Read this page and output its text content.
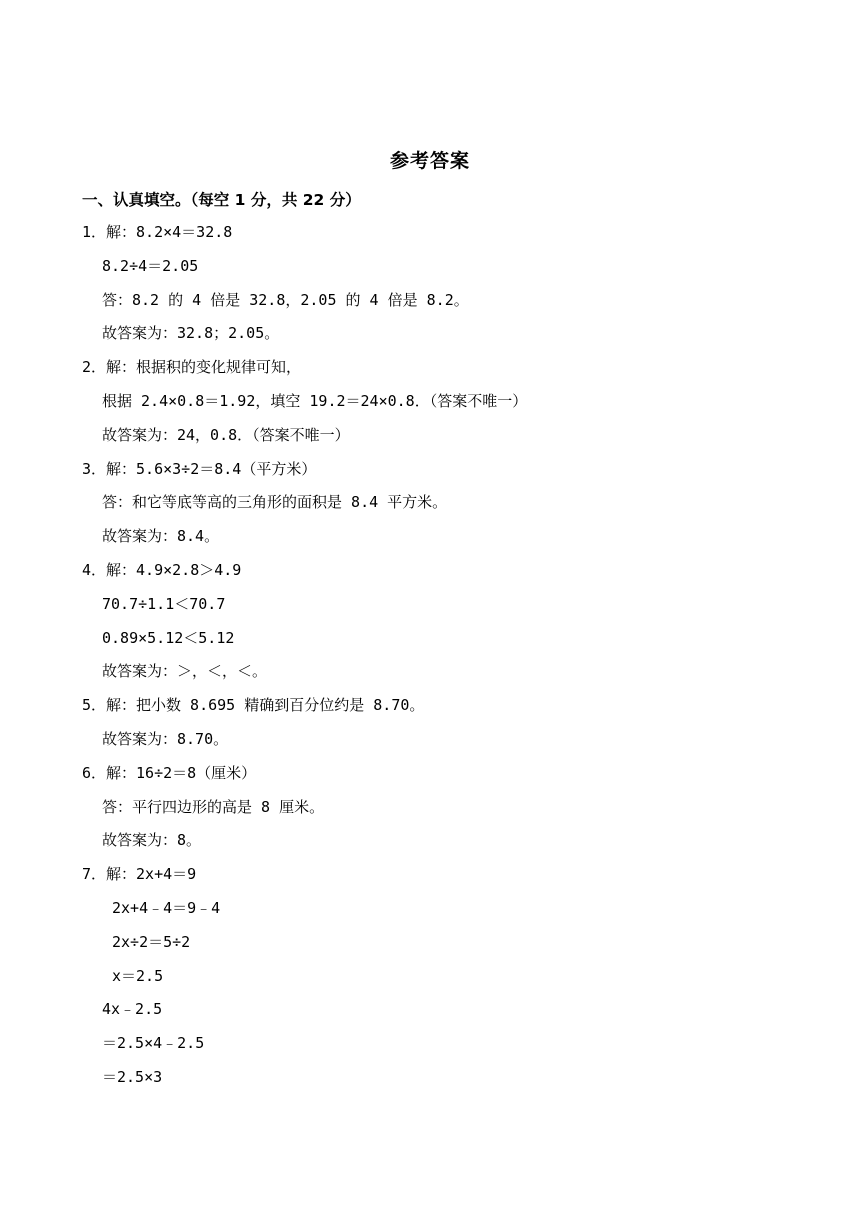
参考答案
一、认真填空。（每空 1 分，共 22 分）
1．解：8.2×4＝32.8
8.2÷4＝2.05
答：8.2 的 4 倍是 32.8，2.05 的 4 倍是 8.2。
故答案为：32.8；2.05。
2．解：根据积的变化规律可知，
根据 2.4×0.8＝1.92，填空 19.2＝24×0.8．（答案不唯一）
故答案为：24，0.8．（答案不唯一）
3．解：5.6×3÷2＝8.4（平方米）
答：和它等底等高的三角形的面积是 8.4 平方米。
故答案为：8.4。
4．解：4.9×2.8＞4.9
70.7÷1.1＜70.7
0.89×5.12＜5.12
故答案为：＞，＜，＜。
5．解：把小数 8.695 精确到百分位约是 8.70。
故答案为：8.70。
6．解：16÷2＝8（厘米）
答：平行四边形的高是 8 厘米。
故答案为：8。
7．解：2x+4＝9
2x+4﹣4＝9﹣4
2x÷2＝5÷2
x＝2.5
4x﹣2.5
＝2.5×4﹣2.5
＝2.5×3
